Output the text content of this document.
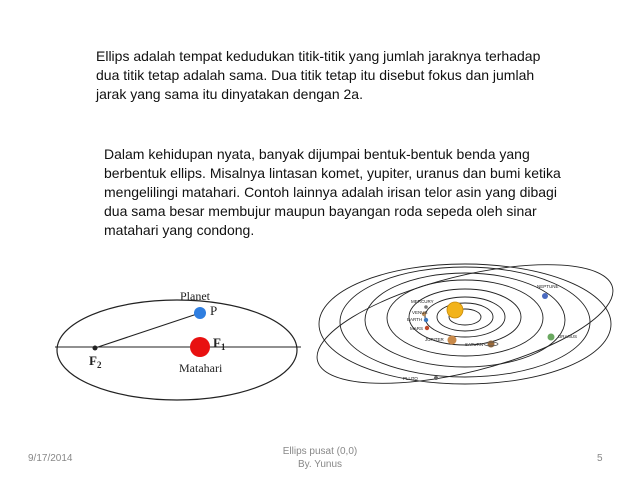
Ellips adalah tempat kedudukan titik-titik yang jumlah jaraknya terhadap
dua titik tetap adalah sama. Dua titik tetap itu disebut fokus dan jumlah
jarak yang sama itu dinyatakan dengan 2a.
Dalam kehidupan nyata, banyak dijumpai bentuk-bentuk benda yang
berbentuk ellips. Misalnya lintasan komet, yupiter, uranus dan bumi ketika
mengelilingi matahari. Contoh lainnya adalah irisan telor asin yang dibagi
dua sama besar membujur maupun bayangan roda sepeda oleh sinar
matahari yang condong.
Planet
P
$F_1$
$F_2$	Matahari
NEPTUNE
MERCURY
VENUS
EARTH
MARS
JUPITER
SATURN
URANUS
PLUTO
9/17/2014
Ellips pusat (0,0)
By. Yunus
5
